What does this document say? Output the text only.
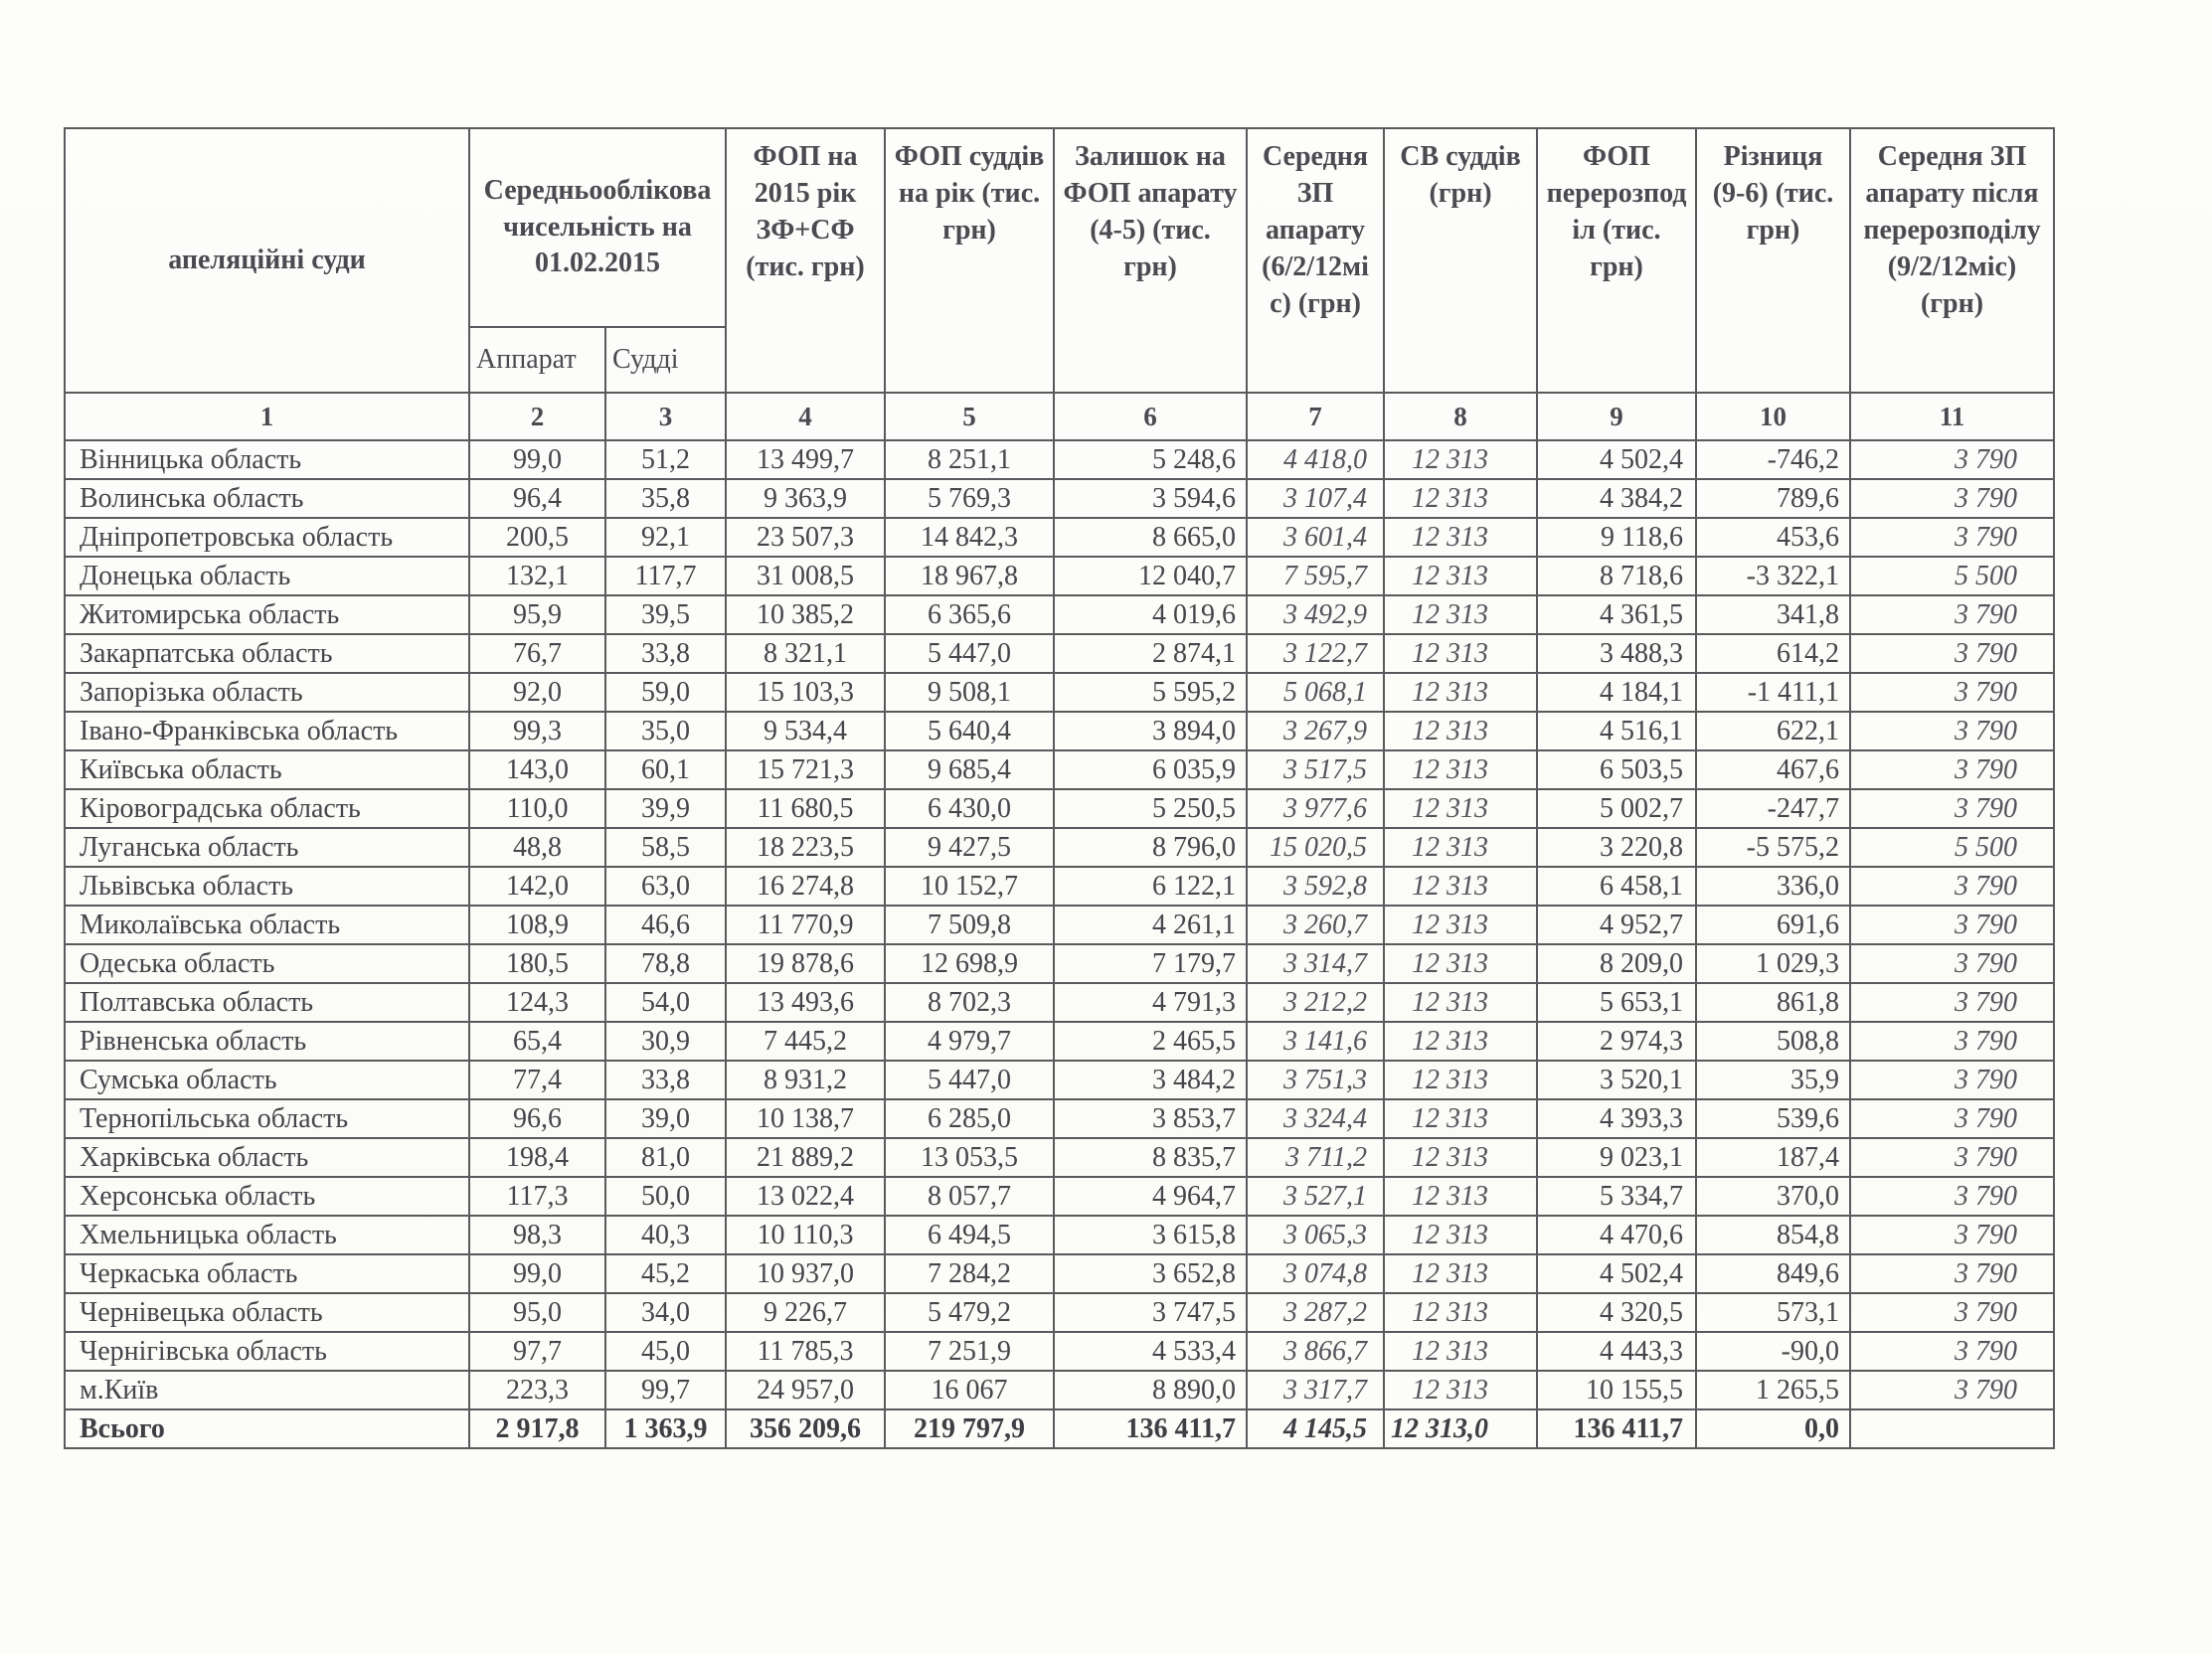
апеляційні суди	Середньооблікова чисельність на 01.02.2015		ФОП на 2015 рік ЗФ+СФ (тис. грн)	ФОП суддів на рік (тис. грн)	Залишок на ФОП апарату (4-5) (тис. грн)	Середня ЗП апарату (6/2/12міс) (грн)	СВ суддів (грн)	ФОП перерозподіл (тис. грн)	Різниця (9-6) (тис. грн)	Середня ЗП апарату після перерозподілу (9/2/12міс) (грн)
	Аппарат	Судді								
1	2	3	4	5	6	7	8	9	10	11
Вінницька область	99,0	51,2	13 499,7	8 251,1	5 248,6	4 418,0	12 313	4 502,4	-746,2	3 790
Волинська область	96,4	35,8	9 363,9	5 769,3	3 594,6	3 107,4	12 313	4 384,2	789,6	3 790
Дніпропетровська область	200,5	92,1	23 507,3	14 842,3	8 665,0	3 601,4	12 313	9 118,6	453,6	3 790
Донецька область	132,1	117,7	31 008,5	18 967,8	12 040,7	7 595,7	12 313	8 718,6	-3 322,1	5 500
Житомирська область	95,9	39,5	10 385,2	6 365,6	4 019,6	3 492,9	12 313	4 361,5	341,8	3 790
Закарпатська область	76,7	33,8	8 321,1	5 447,0	2 874,1	3 122,7	12 313	3 488,3	614,2	3 790
Запорізька область	92,0	59,0	15 103,3	9 508,1	5 595,2	5 068,1	12 313	4 184,1	-1 411,1	3 790
Івано-Франківська область	99,3	35,0	9 534,4	5 640,4	3 894,0	3 267,9	12 313	4 516,1	622,1	3 790
Київська область	143,0	60,1	15 721,3	9 685,4	6 035,9	3 517,5	12 313	6 503,5	467,6	3 790
Кіровоградська область	110,0	39,9	11 680,5	6 430,0	5 250,5	3 977,6	12 313	5 002,7	-247,7	3 790
Луганська область	48,8	58,5	18 223,5	9 427,5	8 796,0	15 020,5	12 313	3 220,8	-5 575,2	5 500
Львівська область	142,0	63,0	16 274,8	10 152,7	6 122,1	3 592,8	12 313	6 458,1	336,0	3 790
Миколаївська область	108,9	46,6	11 770,9	7 509,8	4 261,1	3 260,7	12 313	4 952,7	691,6	3 790
Одеська область	180,5	78,8	19 878,6	12 698,9	7 179,7	3 314,7	12 313	8 209,0	1 029,3	3 790
Полтавська область	124,3	54,0	13 493,6	8 702,3	4 791,3	3 212,2	12 313	5 653,1	861,8	3 790
Рівненська область	65,4	30,9	7 445,2	4 979,7	2 465,5	3 141,6	12 313	2 974,3	508,8	3 790
Сумська область	77,4	33,8	8 931,2	5 447,0	3 484,2	3 751,3	12 313	3 520,1	35,9	3 790
Тернопільська область	96,6	39,0	10 138,7	6 285,0	3 853,7	3 324,4	12 313	4 393,3	539,6	3 790
Харківська область	198,4	81,0	21 889,2	13 053,5	8 835,7	3 711,2	12 313	9 023,1	187,4	3 790
Херсонська область	117,3	50,0	13 022,4	8 057,7	4 964,7	3 527,1	12 313	5 334,7	370,0	3 790
Хмельницька область	98,3	40,3	10 110,3	6 494,5	3 615,8	3 065,3	12 313	4 470,6	854,8	3 790
Черкаська область	99,0	45,2	10 937,0	7 284,2	3 652,8	3 074,8	12 313	4 502,4	849,6	3 790
Чернівецька область	95,0	34,0	9 226,7	5 479,2	3 747,5	3 287,2	12 313	4 320,5	573,1	3 790
Чернігівська область	97,7	45,0	11 785,3	7 251,9	4 533,4	3 866,7	12 313	4 443,3	-90,0	3 790
м.Київ	223,3	99,7	24 957,0	16 067	8 890,0	3 317,7	12 313	10 155,5	1 265,5	3 790
Всього	2 917,8	1 363,9	356 209,6	219 797,9	136 411,7	4 145,5	12 313,0	136 411,7	0,0	
